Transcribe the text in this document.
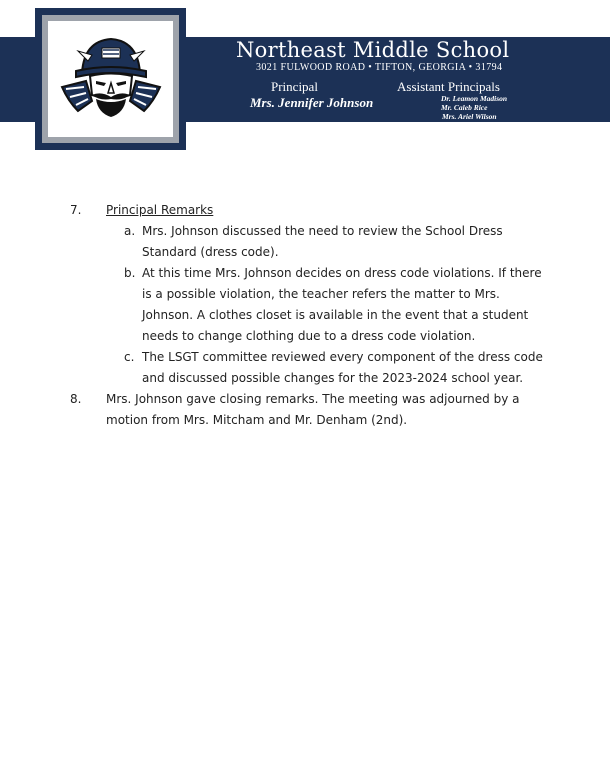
Northeast Middle School
3021 FULWOOD ROAD • TIFTON, GEORGIA • 31794
Principal	Assistant Principals
Mrs. Jennifer Johnson	Dr. Leamon Madison
Mr. Caleb Rice
Mrs. Ariel Wilson
7. Principal Remarks
a. Mrs. Johnson discussed the need to review the School Dress Standard (dress code).
b. At this time Mrs. Johnson decides on dress code violations. If there is a possible violation, the teacher refers the matter to Mrs. Johnson. A clothes closet is available in the event that a student needs to change clothing due to a dress code violation.
c. The LSGT committee reviewed every component of the dress code and discussed possible changes for the 2023-2024 school year.
8. Mrs. Johnson gave closing remarks. The meeting was adjourned by a motion from Mrs. Mitcham and Mr. Denham (2nd).
